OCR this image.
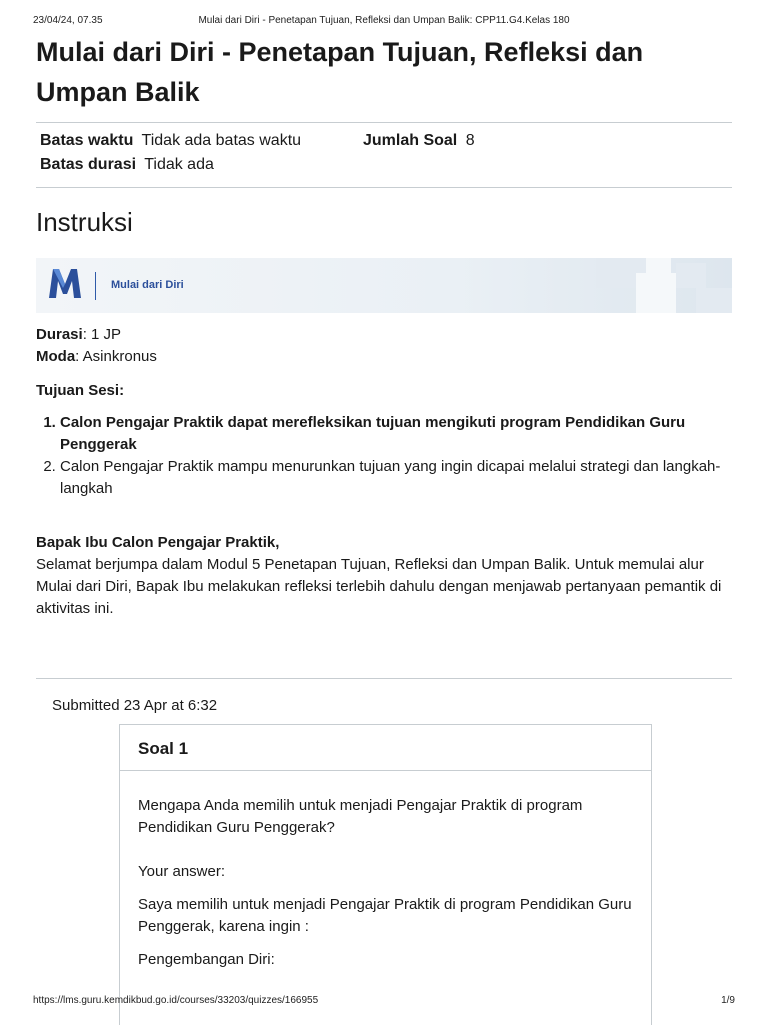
23/04/24, 07.35	Mulai dari Diri - Penetapan Tujuan, Refleksi dan Umpan Balik: CPP11.G4.Kelas 180
Mulai dari Diri - Penetapan Tujuan, Refleksi dan Umpan Balik
Batas waktu Tidak ada batas waktu	Jumlah Soal 8
Batas durasi Tidak ada
Instruksi
Mulai dari Diri
Durasi: 1 JP
Moda: Asinkronus
Tujuan Sesi:
1. Calon Pengajar Praktik dapat merefleksikan tujuan mengikuti program Pendidikan Guru Penggerak
2. Calon Pengajar Praktik mampu menurunkan tujuan yang ingin dicapai melalui strategi dan langkah-langkah
Bapak Ibu Calon Pengajar Praktik,
Selamat berjumpa dalam Modul 5 Penetapan Tujuan, Refleksi dan Umpan Balik. Untuk memulai alur Mulai dari Diri, Bapak Ibu melakukan refleksi terlebih dahulu dengan menjawab pertanyaan pemantik di aktivitas ini.
Submitted 23 Apr at 6:32
Soal 1

Mengapa Anda memilih untuk menjadi Pengajar Praktik di program Pendidikan Guru Penggerak?

Your answer:

Saya memilih untuk menjadi Pengajar Praktik di program Pendidikan Guru Penggerak, karena ingin :

Pengembangan Diri:

https://lms.guru.kemdikbud.go.id/courses/33203/quizzes/166955	1/9
